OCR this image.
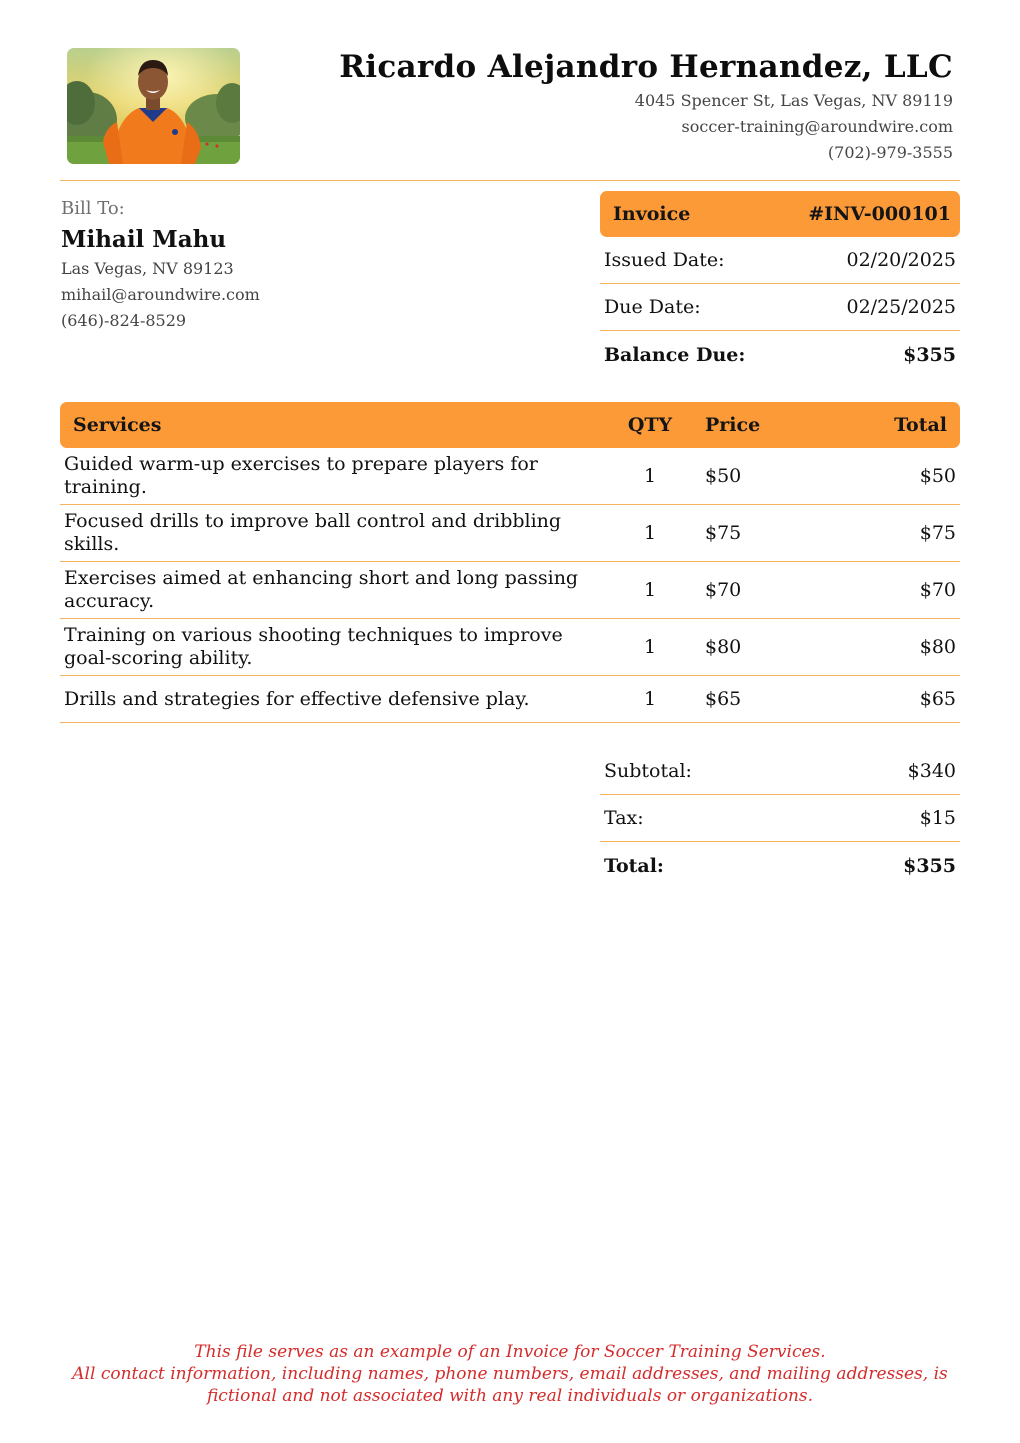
Ricardo Alejandro Hernandez, LLC
4045 Spencer St, Las Vegas, NV 89119
soccer-training@aroundwire.com
(702)-979-3555
Bill To:
Mihail Mahu
Las Vegas, NV 89123
mihail@aroundwire.com
(646)-824-8529
Invoice	#INV-000101
Issued Date:	02/20/2025
Due Date:	02/25/2025
Balance Due:	$355
Services	QTY	Price	Total
Guided warm-up exercises to prepare players for training.	1	$50	$50
Focused drills to improve ball control and dribbling skills.	1	$75	$75
Exercises aimed at enhancing short and long passing accuracy.	1	$70	$70
Training on various shooting techniques to improve goal-scoring ability.	1	$80	$80
Drills and strategies for effective defensive play.	1	$65	$65
Subtotal:	$340
Tax:	$15
Total:	$355
This file serves as an example of an Invoice for Soccer Training Services.
All contact information, including names, phone numbers, email addresses, and mailing addresses, is
fictional and not associated with any real individuals or organizations.
